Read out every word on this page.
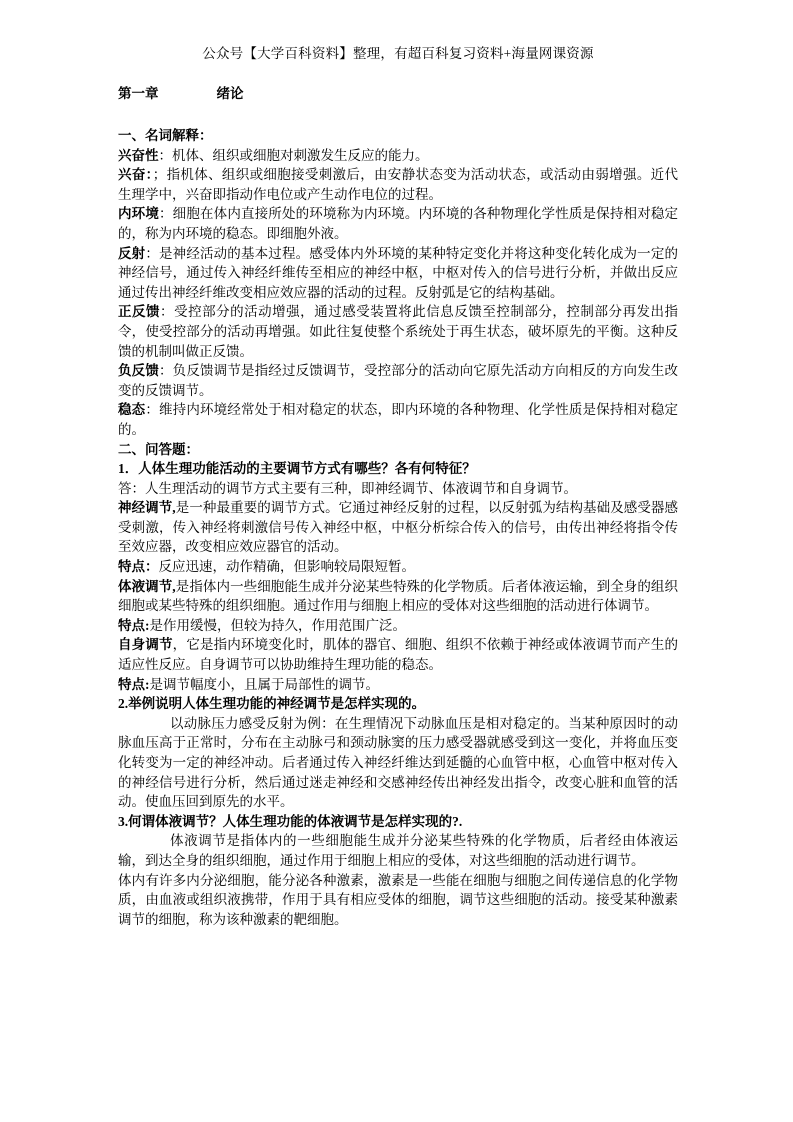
公众号【大学百科资料】整理，有超百科复习资料+海量网课资源
第一章	绪论
一、名词解释：

兴奋性：机体、组织或细胞对刺激发生反应的能力。

兴奋：；指机体、组织或细胞接受刺激后，由安静状态变为活动状态，或活动由弱增强。近代生理学中，兴奋即指动作电位或产生动作电位的过程。

内环境：细胞在体内直接所处的环境称为内环境。内环境的各种物理化学性质是保持相对稳定的，称为内环境的稳态。即细胞外液。

反射：是神经活动的基本过程。感受体内外环境的某种特定变化并将这种变化转化成为一定的神经信号，通过传入神经纤维传至相应的神经中枢，中枢对传入的信号进行分析，并做出反应通过传出神经纤维改变相应效应器的活动的过程。反射弧是它的结构基础。

正反馈：受控部分的活动增强，通过感受装置将此信息反馈至控制部分，控制部分再发出指令，使受控部分的活动再增强。如此往复使整个系统处于再生状态，破坏原先的平衡。这种反馈的机制叫做正反馈。

负反馈：负反馈调节是指经过反馈调节，受控部分的活动向它原先活动方向相反的方向发生改变的反馈调节。

稳态：维持内环境经常处于相对稳定的状态，即内环境的各种物理、化学性质是保持相对稳定的。

二、问答题：
1．人体生理功能活动的主要调节方式有哪些？各有何特征？

答：人生理活动的调节方式主要有三种，即神经调节、体液调节和自身调节。

神经调节,是一种最重要的调节方式。它通过神经反射的过程，以反射弧为结构基础及感受器感受刺激，传入神经将刺激信号传入神经中枢，中枢分析综合传入的信号，由传出神经将指令传至效应器，改变相应效应器官的活动。

特点：反应迅速，动作精确，但影响较局限短暂。

体液调节,是指体内一些细胞能生成并分泌某些特殊的化学物质。后者体液运输，到全身的组织细胞或某些特殊的组织细胞。通过作用与细胞上相应的受体对这些细胞的活动进行体调节。

特点:是作用缓慢，但较为持久，作用范围广泛。

自身调节，它是指内环境变化时，肌体的器官、细胞、组织不依赖于神经或体液调节而产生的适应性反应。自身调节可以协助维持生理功能的稳态。

特点:是调节幅度小，且属于局部性的调节。

2.举例说明人体生理功能的神经调节是怎样实现的。

以动脉压力感受反射为例：在生理情况下动脉血压是相对稳定的。当某种原因时的动脉血压高于正常时，分布在主动脉弓和颈动脉窦的压力感受器就感受到这一变化，并将血压变化转变为一定的神经冲动。后者通过传入神经纤维达到延髓的心血管中枢，心血管中枢对传入的神经信号进行分析，然后通过迷走神经和交感神经传出神经发出指令，改变心脏和血管的活动。使血压回到原先的水平。

3.何谓体液调节？人体生理功能的体液调节是怎样实现的?.

体液调节是指体内的一些细胞能生成并分泌某些特殊的化学物质，后者经由体液运输，到达全身的组织细胞，通过作用于细胞上相应的受体，对这些细胞的活动进行调节。

体内有许多内分泌细胞，能分泌各种激素，激素是一些能在细胞与细胞之间传递信息的化学物质，由血液或组织液携带，作用于具有相应受体的细胞，调节这些细胞的活动。接受某种激素调节的细胞，称为该种激素的靶细胞。
